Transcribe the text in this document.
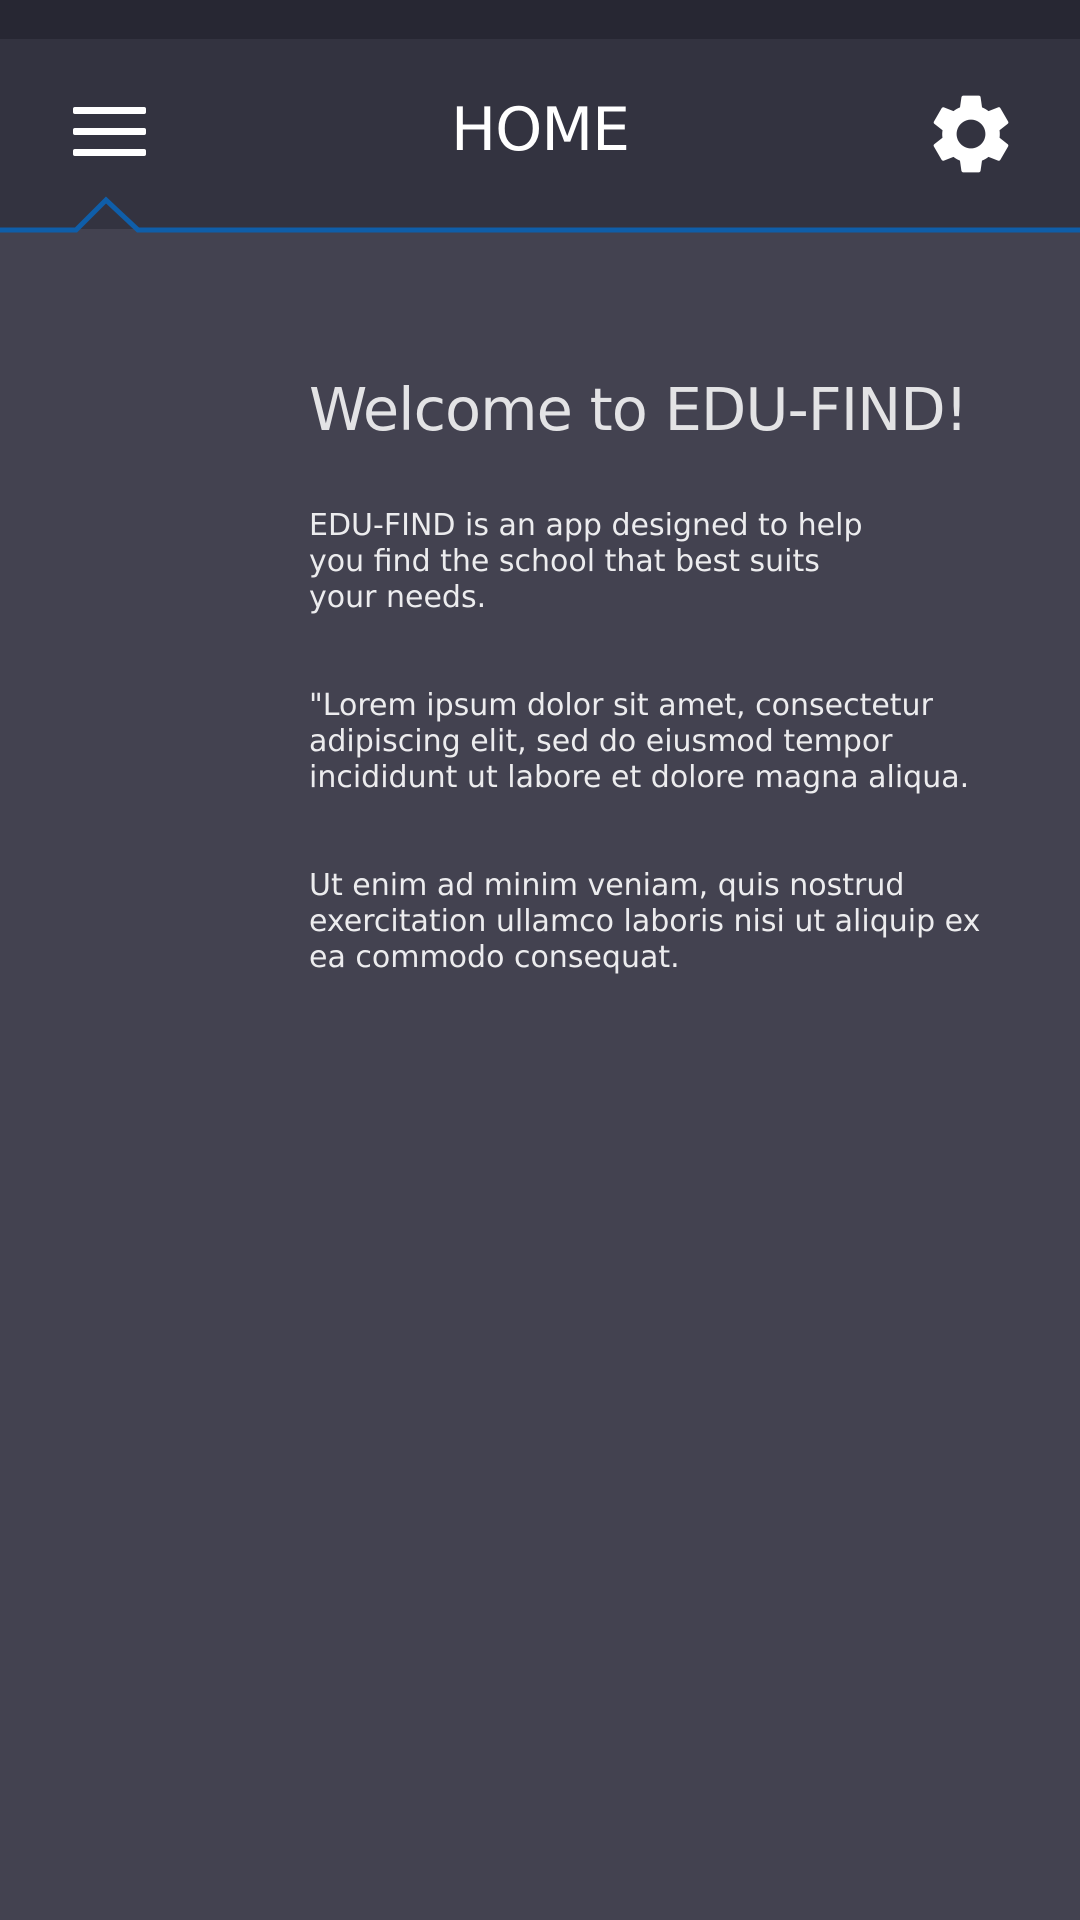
HOME
Welcome to EDU-FIND!

EDU-FIND is an app designed to help you find the school that best suits your needs.

"Lorem ipsum dolor sit amet, consectetur adipiscing elit, sed do eiusmod tempor incididunt ut labore et dolore magna aliqua.

Ut enim ad minim veniam, quis nostrud exercitation ullamco laboris nisi ut aliquip ex ea commodo consequat.
